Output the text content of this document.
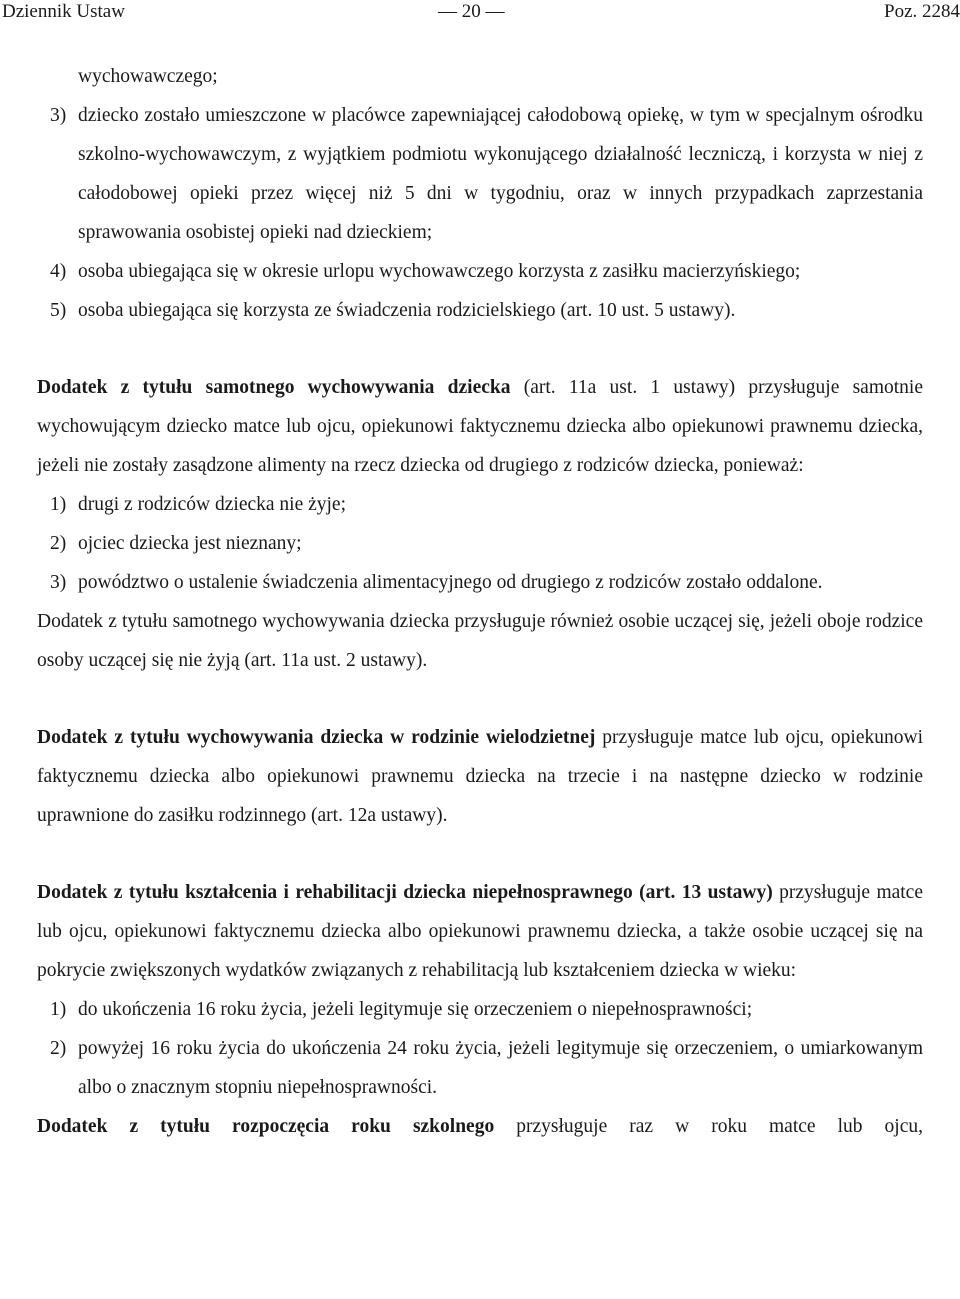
Dziennik Ustaw	— 20 —	Poz. 2284

wychowawczego;

3) dziecko zostało umieszczone w placówce zapewniającej całodobową opiekę, w tym w specjalnym ośrodku szkolno-wychowawczym, z wyjątkiem podmiotu wykonującego działalność leczniczą, i korzysta w niej z całodobowej opieki przez więcej niż 5 dni w tygodniu, oraz w innych przypadkach zaprzestania sprawowania osobistej opieki nad dzieckiem;
4) osoba ubiegająca się w okresie urlopu wychowawczego korzysta z zasiłku macierzyńskiego;
5) osoba ubiegająca się korzysta ze świadczenia rodzicielskiego (art. 10 ust. 5 ustawy).

Dodatek z tytułu samotnego wychowywania dziecka (art. 11a ust. 1 ustawy) przysługuje samotnie wychowującym dziecko matce lub ojcu, opiekunowi faktycznemu dziecka albo opiekunowi prawnemu dziecka, jeżeli nie zostały zasądzone alimenty na rzecz dziecka od drugiego z rodziców dziecka, ponieważ:

1) drugi z rodziców dziecka nie żyje;
2) ojciec dziecka jest nieznany;
3) powództwo o ustalenie świadczenia alimentacyjnego od drugiego z rodziców zostało oddalone.

Dodatek z tytułu samotnego wychowywania dziecka przysługuje również osobie uczącej się, jeżeli oboje rodzice osoby uczącej się nie żyją (art. 11a ust. 2 ustawy).

Dodatek z tytułu wychowywania dziecka w rodzinie wielodzietnej przysługuje matce lub ojcu, opiekunowi faktycznemu dziecka albo opiekunowi prawnemu dziecka na trzecie i na następne dziecko w rodzinie uprawnione do zasiłku rodzinnego (art. 12a ustawy).

Dodatek z tytułu kształcenia i rehabilitacji dziecka niepełnosprawnego (art. 13 ustawy) przysługuje matce lub ojcu, opiekunowi faktycznemu dziecka albo opiekunowi prawnemu dziecka, a także osobie uczącej się na pokrycie zwiększonych wydatków związanych z rehabilitacją lub kształceniem dziecka w wieku:

1) do ukończenia 16 roku życia, jeżeli legitymuje się orzeczeniem o niepełnosprawności;
2) powyżej 16 roku życia do ukończenia 24 roku życia, jeżeli legitymuje się orzeczeniem, o umiarkowanym albo o znacznym stopniu niepełnosprawności.

Dodatek z tytułu rozpoczęcia roku szkolnego przysługuje raz w roku matce lub ojcu,
